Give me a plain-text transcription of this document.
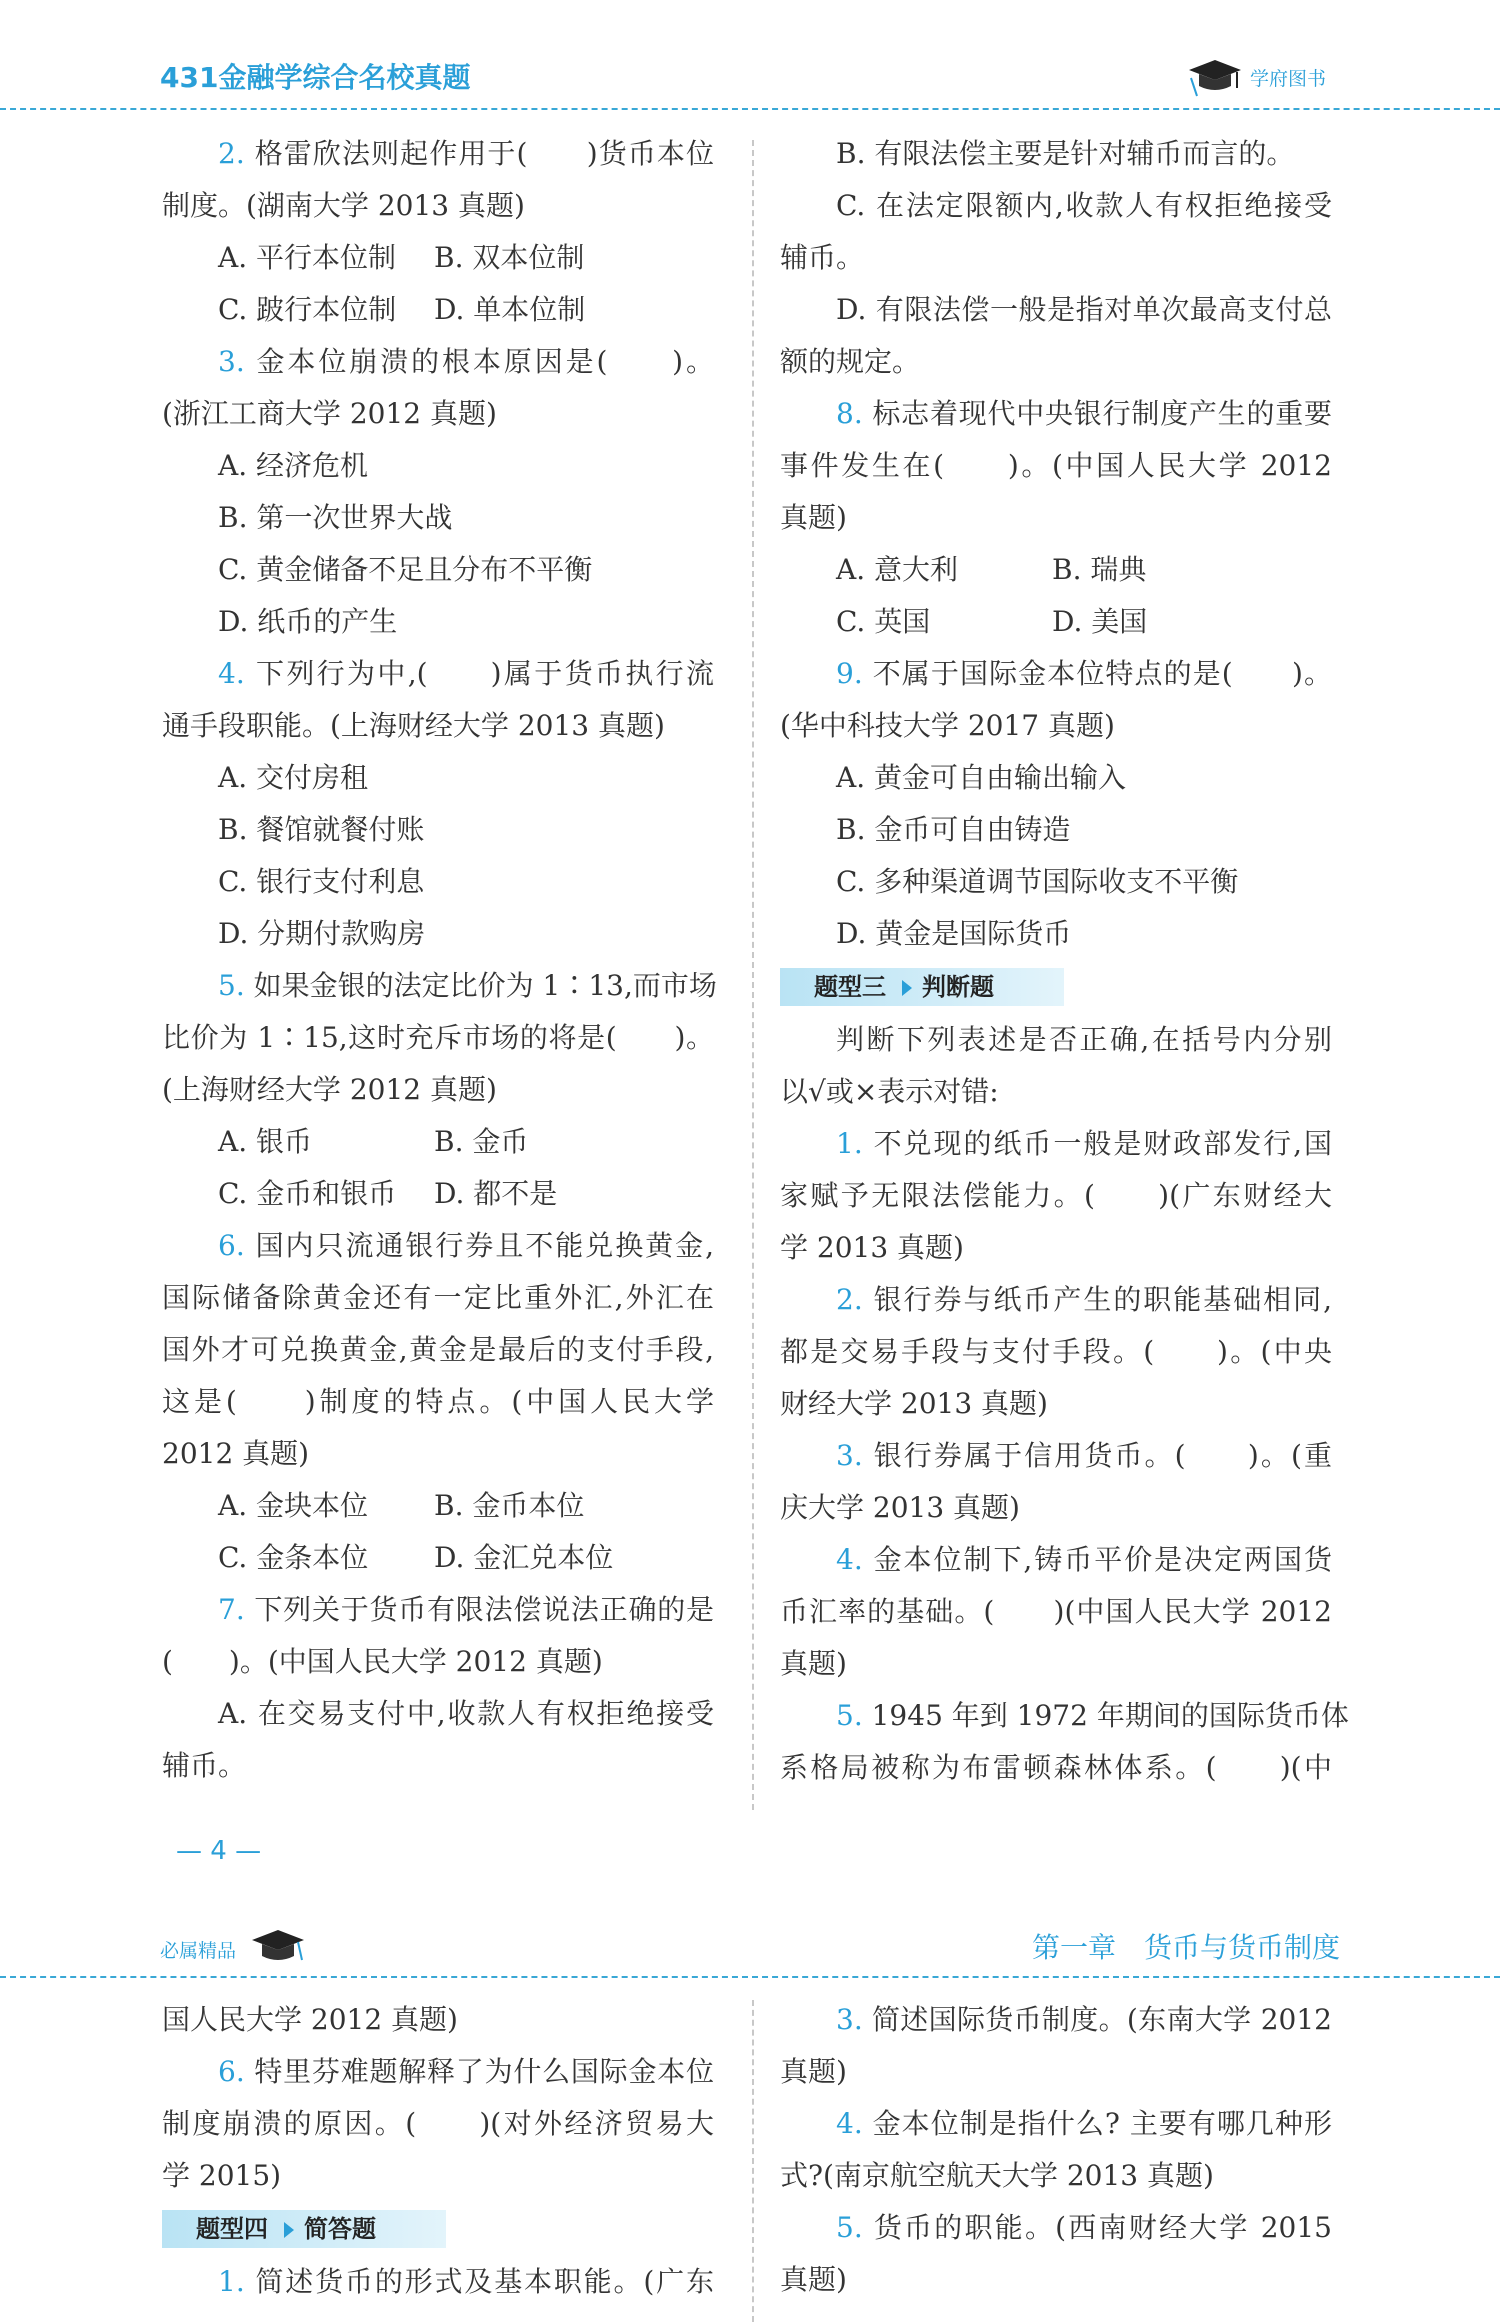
431金融学综合名校真题	学府图书

2. 格雷欣法则起作用于(　　)货币本位

制度。(湖南大学 2013 真题)

A. 平行本位制 B. 双本位制

C. 跛行本位制 D. 单本位制

3. 金本位崩溃的根本原因是(　　)。

(浙江工商大学 2012 真题)

A. 经济危机

B. 第一次世界大战

C. 黄金储备不足且分布不平衡

D. 纸币的产生

4. 下列行为中,(　　)属于货币执行流

通手段职能。(上海财经大学 2013 真题)

A. 交付房租

B. 餐馆就餐付账

C. 银行支付利息

D. 分期付款购房

5. 如果金银的法定比价为 1∶13,而市场

比价为 1∶15,这时充斥市场的将是(　　)。

(上海财经大学 2012 真题)

A. 银币	B. 金币

C. 金币和银币 D. 都不是

6. 国内只流通银行券且不能兑换黄金,

国际储备除黄金还有一定比重外汇,外汇在

国外才可兑换黄金,黄金是最后的支付手段,

这是(　　)制度的特点。(中国人民大学

2012 真题)

A. 金块本位 B. 金币本位

C. 金条本位 D. 金汇兑本位

7. 下列关于货币有限法偿说法正确的是

(　　)。(中国人民大学 2012 真题)

A. 在交易支付中,收款人有权拒绝接受

辅币。

B. 有限法偿主要是针对辅币而言的。

C. 在法定限额内,收款人有权拒绝接受

辅币。

D. 有限法偿一般是指对单次最高支付总

额的规定。

8. 标志着现代中央银行制度产生的重要

事件发生在(　　)。(中国人民大学 2012

真题)

A. 意大利	B. 瑞典

C. 英国	D. 美国

9. 不属于国际金本位特点的是(　　)。

(华中科技大学 2017 真题)

A. 黄金可自由输出输入

B. 金币可自由铸造

C. 多种渠道调节国际收支不平衡

D. 黄金是国际货币

题型三 判断题

判断下列表述是否正确,在括号内分别

以√或×表示对错:

1. 不兑现的纸币一般是财政部发行,国

家赋予无限法偿能力。(　　)(广东财经大

学 2013 真题)

2. 银行券与纸币产生的职能基础相同,

都是交易手段与支付手段。(　　)。(中央

财经大学 2013 真题)

3. 银行券属于信用货币。(　　)。(重

庆大学 2013 真题)

4. 金本位制下,铸币平价是决定两国货

币汇率的基础。(　　)(中国人民大学 2012

真题)

5. 1945 年到 1972 年期间的国际货币体

系格局被称为布雷顿森林体系。(　　)(中

— 4 —
必属精品	第一章　货币与货币制度

国人民大学 2012 真题)

6. 特里芬难题解释了为什么国际金本位

制度崩溃的原因。(　　)(对外经济贸易大

学 2015)

题型四 简答题

1. 简述货币的形式及基本职能。(广东

3. 简述国际货币制度。(东南大学 2012

真题)

4. 金本位制是指什么? 主要有哪几种形

式?(南京航空航天大学 2013 真题)

5. 货币的职能。(西南财经大学 2015

真题)
